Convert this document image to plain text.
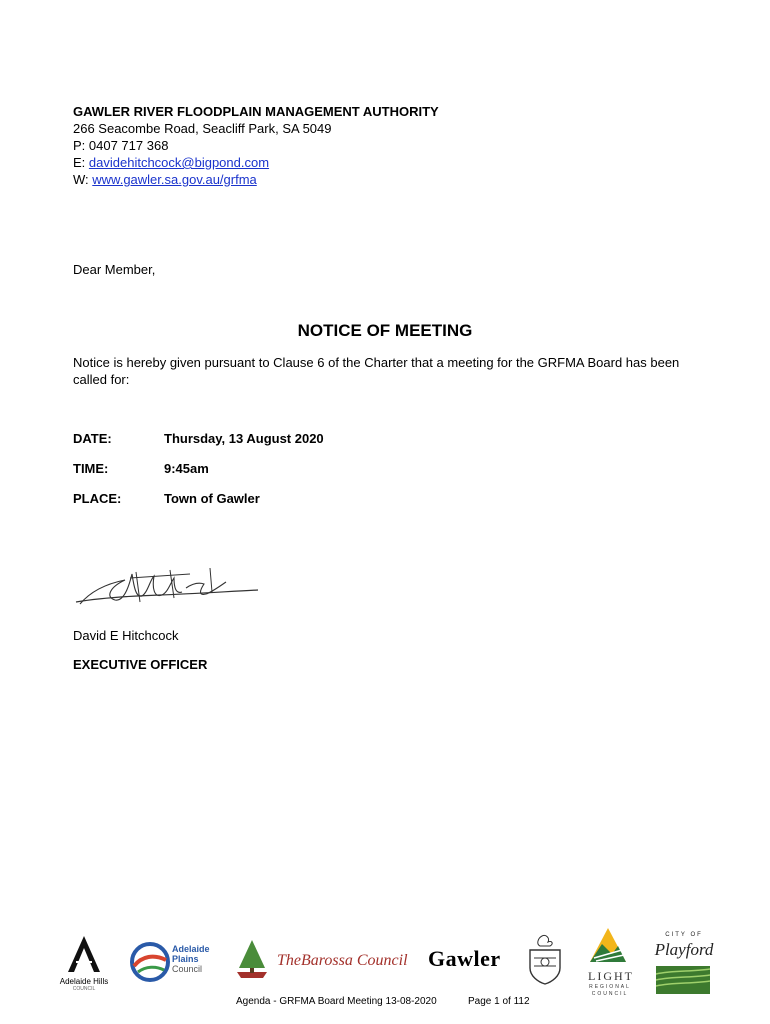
GAWLER RIVER FLOODPLAIN MANAGEMENT AUTHORITY
266 Seacombe Road, Seacliff Park, SA 5049
P: 0407 717 368
E: davidehitchcock@bigpond.com
W: www.gawler.sa.gov.au/grfma
Dear Member,
NOTICE OF MEETING
Notice is hereby given pursuant to Clause 6 of the Charter that a meeting for the GRFMA Board has been called for:
DATE:	Thursday, 13 August 2020
TIME:	9:45am
PLACE:	Town of Gawler
David E Hitchcock
EXECUTIVE OFFICER
Adelaide Hills
COUNCIL
Adelaide
Plains
Council	TheBarossa Council Gawler
LIGHT
REGIONAL
COUNCIL
CITY OF
Playford
Agenda - GRFMA Board Meeting 13-08-2020	Page 1 of 112
